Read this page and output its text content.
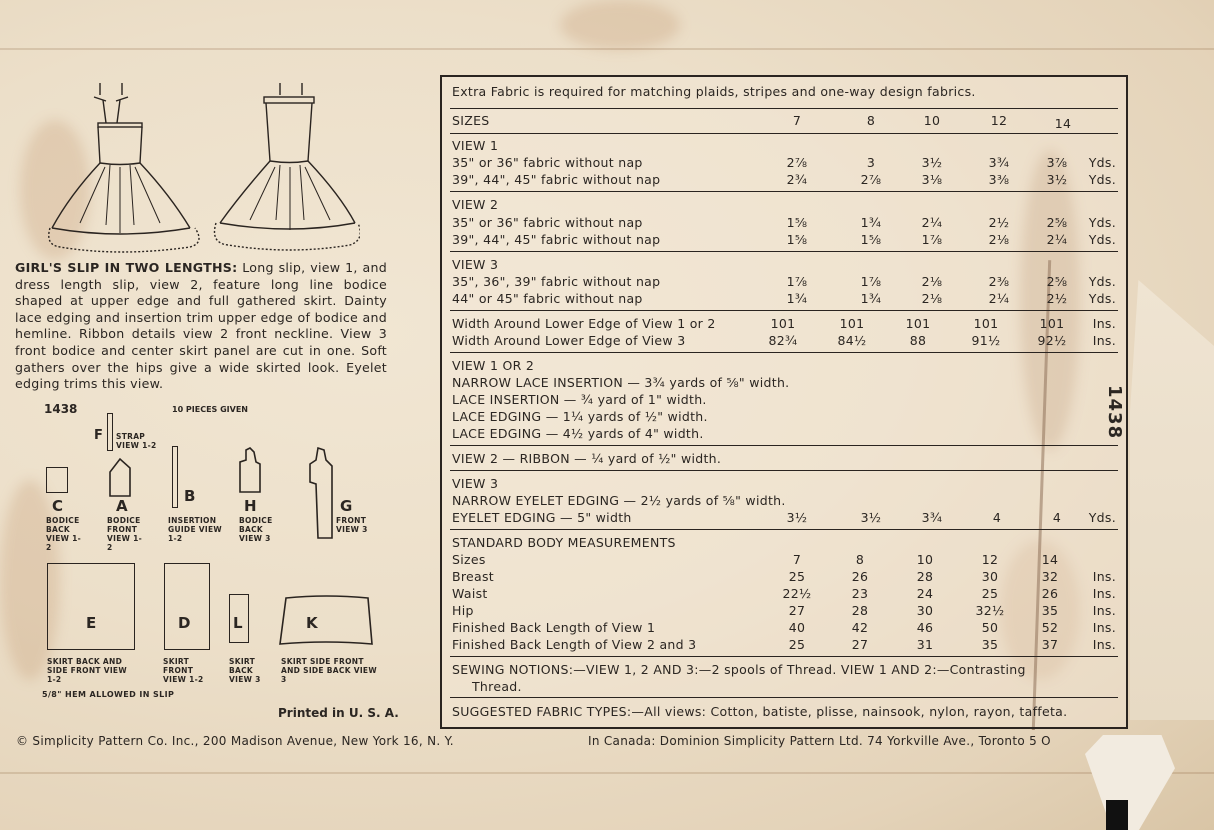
GIRL'S SLIP IN TWO LENGTHS: Long slip, view 1, and dress length slip, view 2, feature long line bodice shaped at upper edge and full gathered skirt. Dainty lace edging and insertion trim upper edge of bodice and hemline. Ribbon details view 2 front neckline. View 3 front bodice and center skirt panel are cut in one. Soft gathers over the hips give a wide skirted look. Eyelet edging trims this view.
1438	10 PIECES GIVEN
F STRAP VIEW 1-2
C
BODICE BACK VIEW 1-2
A
BODICE FRONT VIEW 1-2
B
INSERTION GUIDE VIEW 1-2
H
BODICE BACK VIEW 3
G
FRONT VIEW 3
E
SKIRT BACK AND SIDE FRONT VIEW 1-2
D
SKIRT FRONT VIEW 1-2
L
SKIRT BACK VIEW 3
K
SKIRT SIDE FRONT AND SIDE BACK VIEW 3
5/8" HEM ALLOWED IN SLIP
Printed in U. S. A.
Extra Fabric is required for matching plaids, stripes and one-way design fabrics.
SIZES	7	8	10	12	14
VIEW 1
35" or 36" fabric without nap	2⅞	3	3½	3¾	3⅞	Yds.
39", 44", 45" fabric without nap	2¾	2⅞	3⅛	3⅜	3½	Yds.
VIEW 2
35" or 36" fabric without nap	1⅝	1¾	2¼	2½	2⅝	Yds.
39", 44", 45" fabric without nap	1⅝	1⅝	1⅞	2⅛	2¼	Yds.
VIEW 3
35", 36", 39" fabric without nap	1⅞	1⅞	2⅛	2⅜	2⅝	Yds.
44" or 45" fabric without nap	1¾	1¾	2⅛	2¼	2½	Yds.
Width Around Lower Edge of View 1 or 2	101	101	101	101	101	Ins.
Width Around Lower Edge of View 3	82¾	84½	88	91½	92½	Ins.
VIEW 1 OR 2
NARROW LACE INSERTION — 3¾ yards of ⅝" width.
LACE INSERTION — ¾ yard of 1" width.
LACE EDGING — 1¼ yards of ½" width.
LACE EDGING — 4½ yards of 4" width.
VIEW 2 — RIBBON — ¼ yard of ½" width.
VIEW 3
NARROW EYELET EDGING — 2½ yards of ⅝" width.
EYELET EDGING — 5" width	3½	3½	3¾	4	4	Yds.
STANDARD BODY MEASUREMENTS
Sizes	7	8	10	12	14
Breast	25	26	28	30	32	Ins.
Waist	22½	23	24	25	26	Ins.
Hip	27	28	30	32½	35	Ins.
Finished Back Length of View 1	40	42	46	50	52	Ins.
Finished Back Length of View 2 and 3	25	27	31	35	37	Ins.
SEWING NOTIONS:—VIEW 1, 2 AND 3:—2 spools of Thread. VIEW 1 AND 2:—Contrasting
Thread.
SUGGESTED FABRIC TYPES:—All views: Cotton, batiste, plisse, nainsook, nylon, rayon, taffeta.
1438
© Simplicity Pattern Co. Inc., 200 Madison Avenue, New York 16, N. Y.	In Canada: Dominion Simplicity Pattern Ltd. 74 Yorkville Ave., Toronto 5 O
